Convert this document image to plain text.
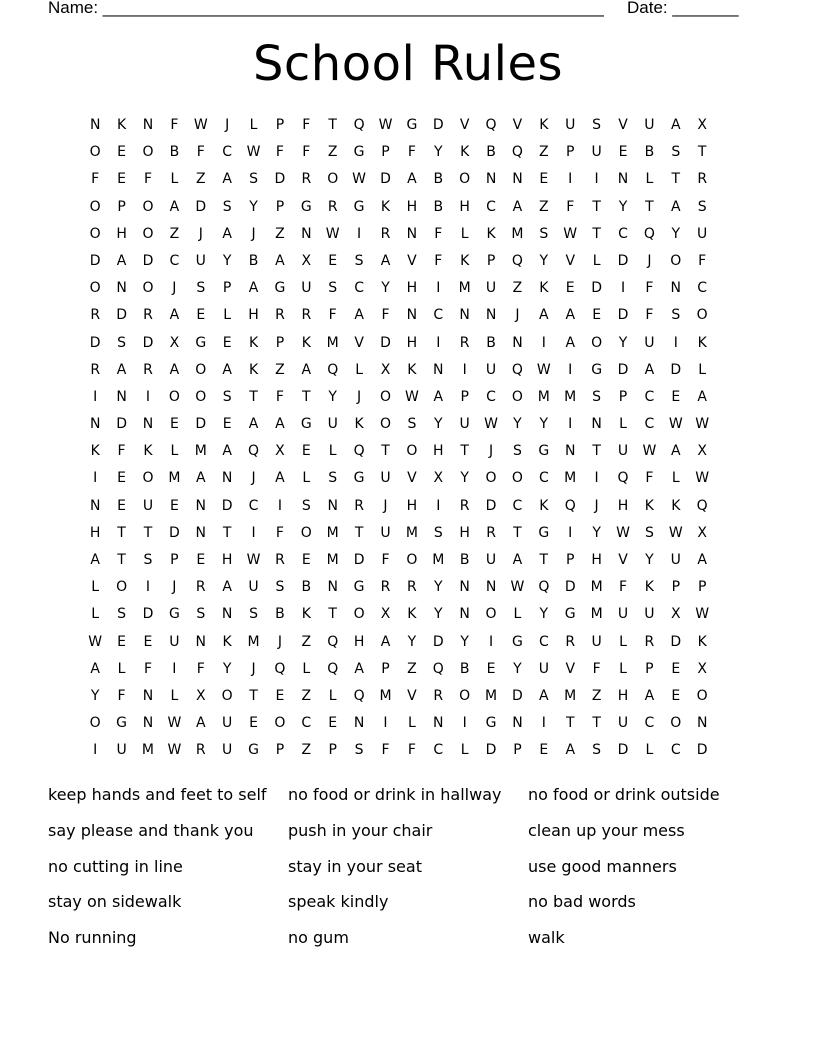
Name: _____________________________________________________ Date: _______
School Rules
N	K	N	F	W	J	L	P	F	T	Q W	G	D	V	Q	V	K	U	S	V	U	A	X
O	E	O	B	F	C	W	F	F	Z	G	P	F	Y	K	B	Q	Z	P	U	E	B	S	T
F	E	F	L	Z	A	S	D	R	O W	D	A	B	O	N	N	E	I	I	N	L	T	R
O	P	O	A	D	S	Y	P	G	R	G	K	H	B	H	C	A	Z	F	T	Y	T	A	S
O	H	O	Z	J	A	J	Z	N	W	I	R	N	F	L	K	M	S	W	T	C	Q	Y	U
D	A	D	C	U	Y	B	A	X	E	S	A	V	F	K	P	Q	Y	V	L	D	J	O	F
O	N	O	J	S	P	A	G	U	S	C	Y	H	I	M	U	Z	K	E	D	I	F	N	C
R	D	R	A	E	L	H	R	R	F	A	F	N	C	N	N	J	A	A	E	D	F	S	O
D	S	D	X	G	E	K	P	K	M	V	D	H	I	R	B	N	I	A	O	Y	U	I	K
R	A	R	A	O	A	K	Z	A	Q	L	X	K	N	I	U	Q W	I	G	D	A	D	L
I	N	I	O	O	S	T	F	T	Y	J	O W	A	P	C	O	M	M	S	P	C	E	A
N	D	N	E	D	E	A	A	G	U	K	O	S	Y	U	W	Y	Y	I	N	L	C	W W
K	F	K	L	M	A	Q	X	E	L	Q	T	O	H	T	J	S	G	N	T	U	W	A	X
I	E	O	M	A	N	J	A	L	S	G	U	V	X	Y	O	O	C	M	I	Q	F	L	W
N	E	U	E	N	D	C	I	S	N	R	J	H	I	R	D	C	K	Q	J	H	K	K	Q
H	T	T	D	N	T	I	F	O	M	T	U	M	S	H	R	T	G	I	Y	W	S	W	X
A	T	S	P	E	H	W	R	E	M	D	F	O	M	B	U	A	T	P	H	V	Y	U	A
L	O	I	J	R	A	U	S	B	N	G	R	R	Y	N	N	W Q	D	M	F	K	P	P
L	S	D	G	S	N	S	B	K	T	O	X	K	Y	N	O	L	Y	G	M	U	U	X	W
W	E	E	U	N	K	M	J	Z	Q	H	A	Y	D	Y	I	G	C	R	U	L	R	D	K
A	L	F	I	F	Y	J	Q	L	Q	A	P	Z	Q	B	E	Y	U	V	F	L	P	E	X
Y	F	N	L	X	O	T	E	Z	L	Q	M	V	R	O	M	D	A	M	Z	H	A	E	O
O	G	N	W	A	U	E	O	C	E	N	I	L	N	I	G	N	I	T	T	U	C	O	N
I	U	M W	R	U	G	P	Z	P	S	F	F	C	L	D	P	E	A	S	D	L	C	D
keep hands and feet to self	no food or drink in hallway	no food or drink outside
say please and thank you	push in your chair	clean up your mess
no cutting in line	stay in your seat	use good manners
stay on sidewalk	speak kindly	no bad words
No running	no gum	walk
